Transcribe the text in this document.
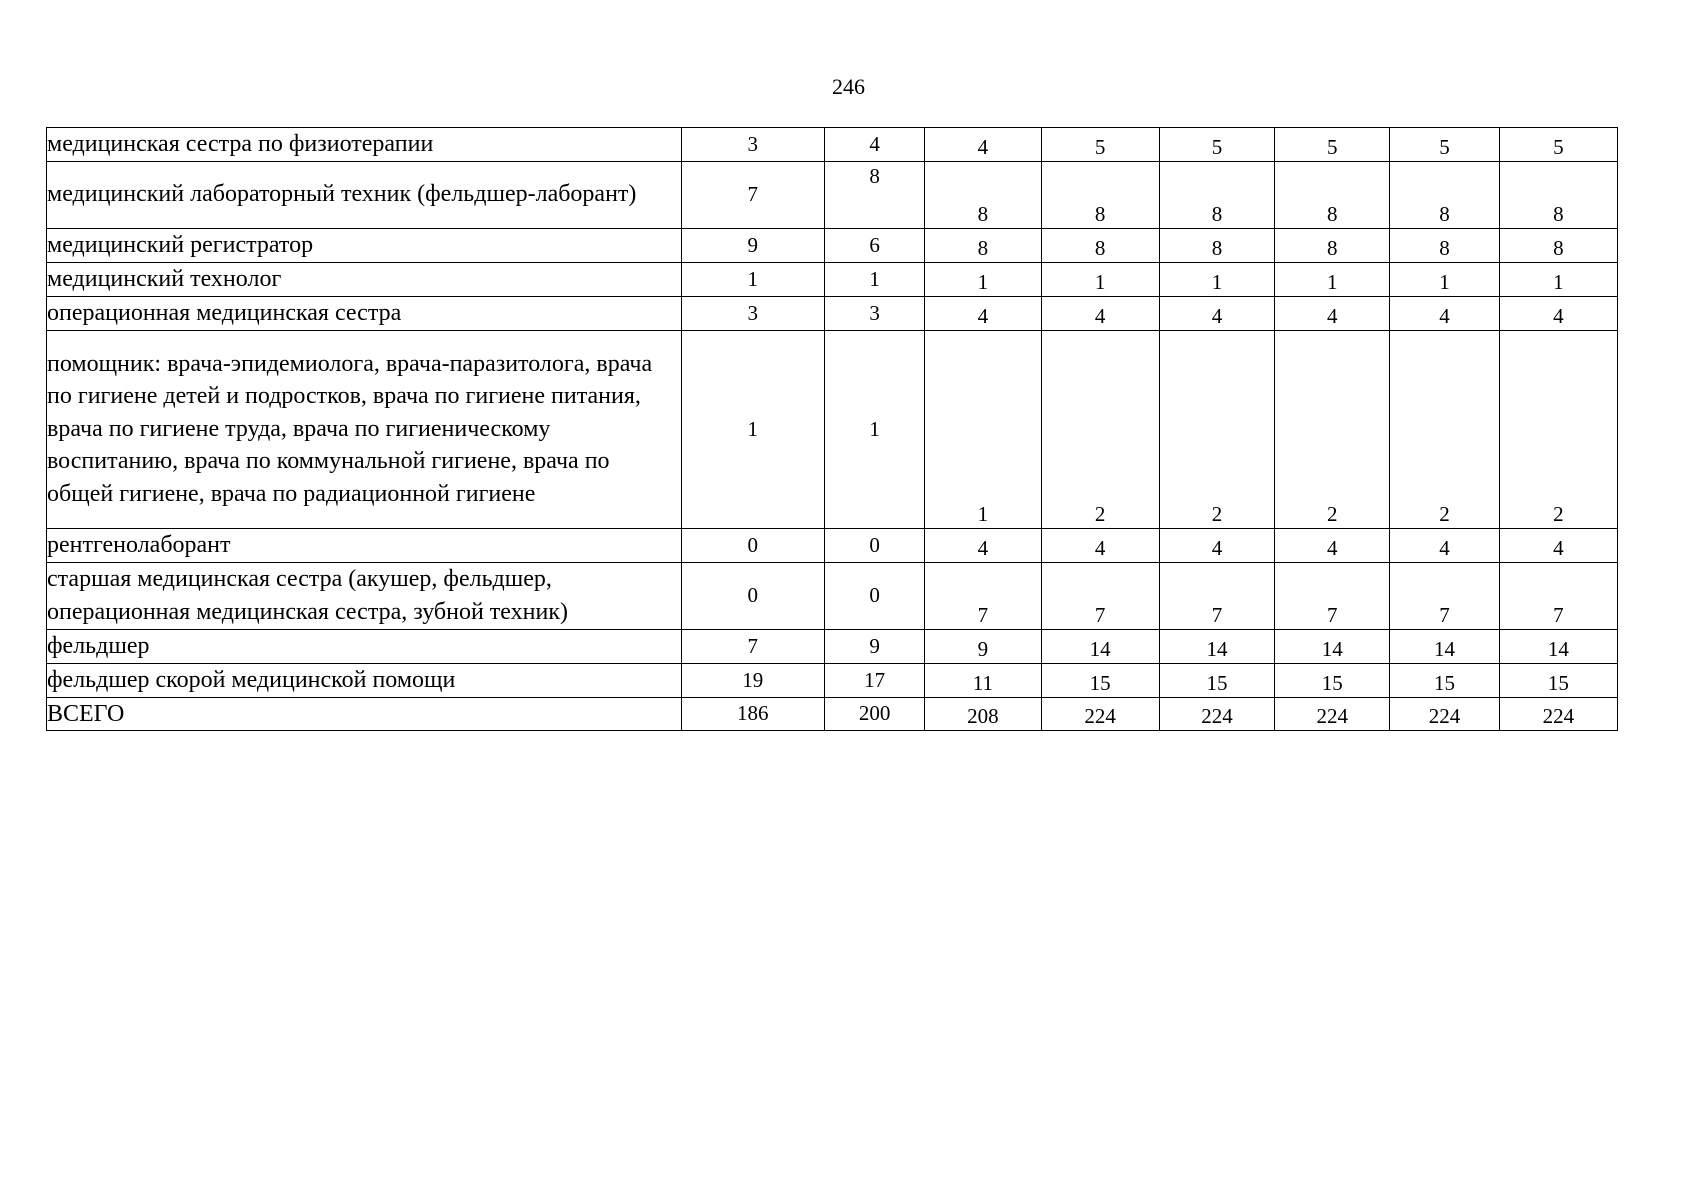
246
медицинская сестра по физиотерапии	3	4	4	5	5	5	5	5
медицинский лабораторный техник (фельдшер-лаборант)	7	8	8	8	8	8	8	8
медицинский регистратор	9	6	8	8	8	8	8	8
медицинский технолог	1	1	1	1	1	1	1	1
операционная медицинская сестра	3	3	4	4	4	4	4	4
помощник: врача-эпидемиолога, врача-паразитолога, врача по гигиене детей и подростков, врача по гигиене питания, врача по гигиене труда, врача по гигиеническому воспитанию, врача по коммунальной гигиене, врача по общей гигиене, врача по радиационной гигиене	1	1	1	2	2	2	2	2
рентгенолаборант	0	0	4	4	4	4	4	4
старшая медицинская сестра (акушер, фельдшер, операционная медицинская сестра, зубной техник)	0	0	7	7	7	7	7	7
фельдшер	7	9	9	14	14	14	14	14
фельдшер скорой медицинской помощи	19	17	11	15	15	15	15	15
ВСЕГО	186	200	208	224	224	224	224	224
